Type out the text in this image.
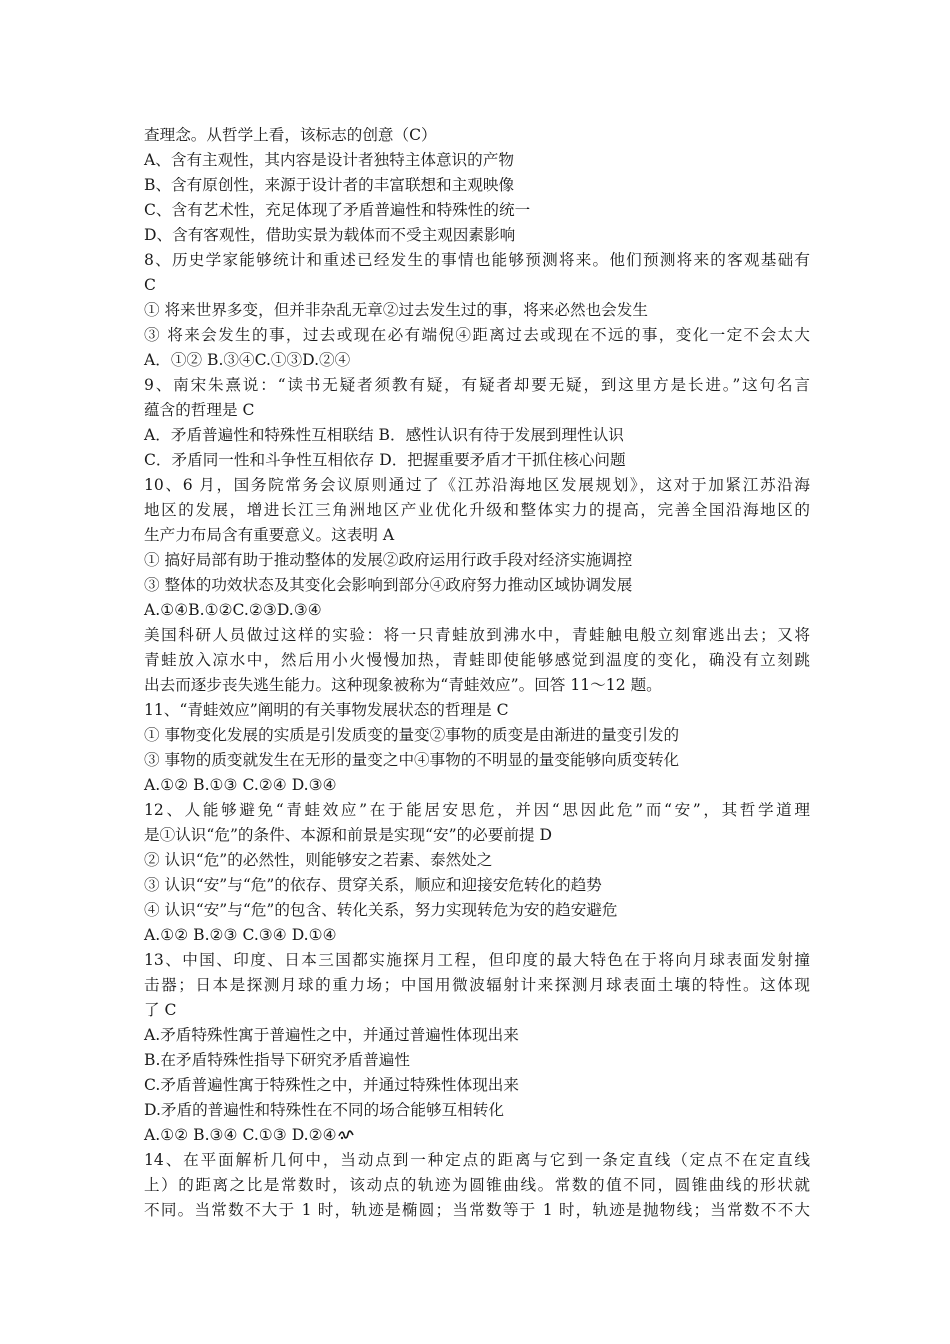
查理念。从哲学上看，该标志的创意（C）

A、含有主观性，其内容是设计者独特主体意识的产物

B、含有原创性，来源于设计者的丰富联想和主观映像

C、含有艺术性，充足体现了矛盾普遍性和特殊性的统一

D、含有客观性，借助实景为载体而不受主观因素影响

8、历史学家能够统计和重述已经发生的事情也能够预测将来。他们预测将来的客观基础有

C

① 将来世界多变，但并非杂乱无章②过去发生过的事，将来必然也会发生

③ 将来会发生的事，过去或现在必有端倪④距离过去或现在不远的事，变化一定不会太大

A．①② B.③④C.①③D.②④

9、南宋朱熹说：“读书无疑者须教有疑，有疑者却要无疑，到这里方是长进。”这句名言

蕴含的哲理是 C

A．矛盾普遍性和特殊性互相联结 B．感性认识有待于发展到理性认识

C．矛盾同一性和斗争性互相依存 D．把握重要矛盾才干抓住核心问题

10、6 月，国务院常务会议原则通过了《江苏沿海地区发展规划》，这对于加紧江苏沿海

地区的发展，增进长江三角洲地区产业优化升级和整体实力的提高，完善全国沿海地区的

生产力布局含有重要意义。这表明 A

① 搞好局部有助于推动整体的发展②政府运用行政手段对经济实施调控

③ 整体的功效状态及其变化会影响到部分④政府努力推动区域协调发展

A.①④B.①②C.②③D.③④

美国科研人员做过这样的实验：将一只青蛙放到沸水中，青蛙触电般立刻窜逃出去；又将

青蛙放入凉水中，然后用小火慢慢加热，青蛙即使能够感觉到温度的变化，确没有立刻跳

出去而逐步丧失逃生能力。这种现象被称为“青蛙效应”。回答 11～12 题。

11、“青蛙效应”阐明的有关事物发展状态的哲理是 C

① 事物变化发展的实质是引发质变的量变②事物的质变是由渐进的量变引发的

③ 事物的质变就发生在无形的量变之中④事物的不明显的量变能够向质变转化

A.①② B.①③ C.②④ D.③④

12、人能够避免“青蛙效应”在于能居安思危，并因“思因此危”而“安”，其哲学道理

是①认识“危”的条件、本源和前景是实现“安”的必要前提 D

② 认识“危”的必然性，则能够安之若素、泰然处之

③ 认识“安”与“危”的依存、贯穿关系，顺应和迎接安危转化的趋势

④ 认识“安”与“危”的包含、转化关系，努力实现转危为安的趋安避危

A.①② B.②③ C.③④ D.①④

13、中国、印度、日本三国都实施探月工程，但印度的最大特色在于将向月球表面发射撞

击器；日本是探测月球的重力场；中国用微波辐射计来探测月球表面土壤的特性。这体现

了 C

A.矛盾特殊性寓于普遍性之中，并通过普遍性体现出来

B.在矛盾特殊性指导下研究矛盾普遍性

C.矛盾普遍性寓于特殊性之中，并通过特殊性体现出来

D.矛盾的普遍性和特殊性在不同的场合能够互相转化

A.①② B.③④ C.①③ D.②④

14、在平面解析几何中，当动点到一种定点的距离与它到一条定直线（定点不在定直线

上）的距离之比是常数时，该动点的轨迹为圆锥曲线。常数的值不同，圆锥曲线的形状就

不同。当常数不大于 1 时，轨迹是椭圆；当常数等于 1 时，轨迹是抛物线；当常数不不大
